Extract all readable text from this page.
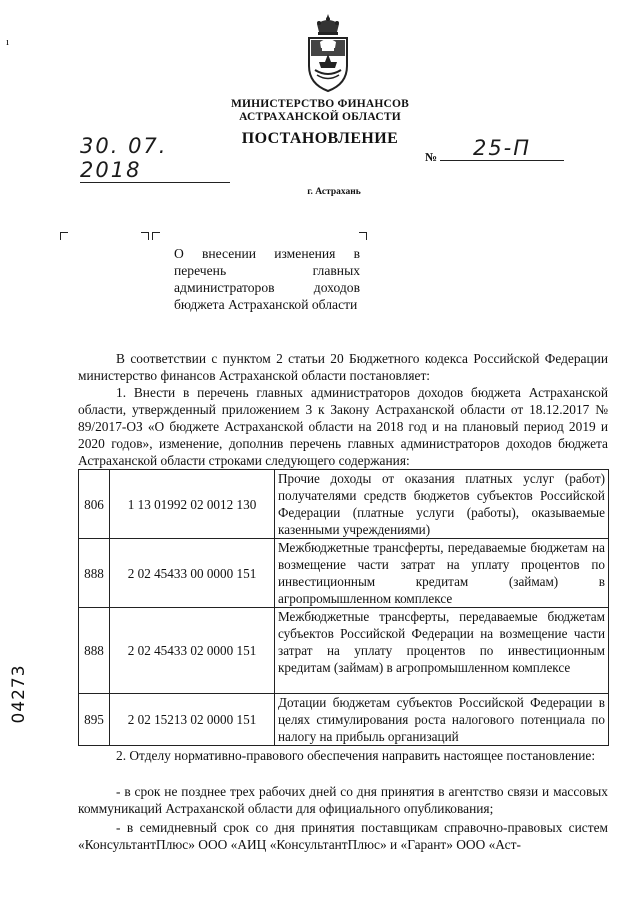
ı
МИНИСТЕРСТВО ФИНАНСОВ
АСТРАХАНСКОЙ ОБЛАСТИ
ПОСТАНОВЛЕНИЕ
30. 07. 2018
№	25-П
г. Астрахань
О внесении изменения в перечень главных администраторов доходов бюджета Астраханской области
В соответствии с пунктом 2 статьи 20 Бюджетного кодекса Российской Федерации министерство финансов Астраханской области постановляет:
1. Внести в перечень главных администраторов доходов бюджета Астраханской области, утвержденный приложением 3 к Закону Астраханской области от 18.12.2017 № 89/2017-ОЗ «О бюджете Астраханской области на 2018 год и на плановый период 2019 и 2020 годов», изменение, дополнив перечень главных администраторов доходов бюджета Астраханской области строками следующего содержания:
806	1 13 01992 02 0012 130	Прочие доходы от оказания платных услуг (работ) получателями средств бюджетов субъектов Российской Федерации (платные услуги (работы), оказываемые казенными учреждениями)
888	2 02 45433 00 0000 151	Межбюджетные трансферты, передаваемые бюджетам на возмещение части затрат на уплату процентов по инвестиционным кредитам (займам) в агропромышленном комплексе
888	2 02 45433 02 0000 151	Межбюджетные трансферты, передаваемые бюджетам субъектов Российской Федерации на возмещение части затрат на уплату процентов по инвестиционным кредитам (займам) в агропромышленном комплексе
895	2 02 15213 02 0000 151	Дотации бюджетам субъектов Российской Федерации в целях стимулирования роста налогового потенциала по налогу на прибыль организаций
2. Отделу нормативно-правового обеспечения направить настоящее постановление:
- в срок не позднее трех рабочих дней со дня принятия в агентство связи и массовых коммуникаций Астраханской области для официального опубликования;
- в семидневный срок со дня принятия поставщикам справочно-правовых систем «КонсультантПлюс» ООО «АИЦ «КонсультантПлюс» и «Гарант» ООО «Аст-
04273
